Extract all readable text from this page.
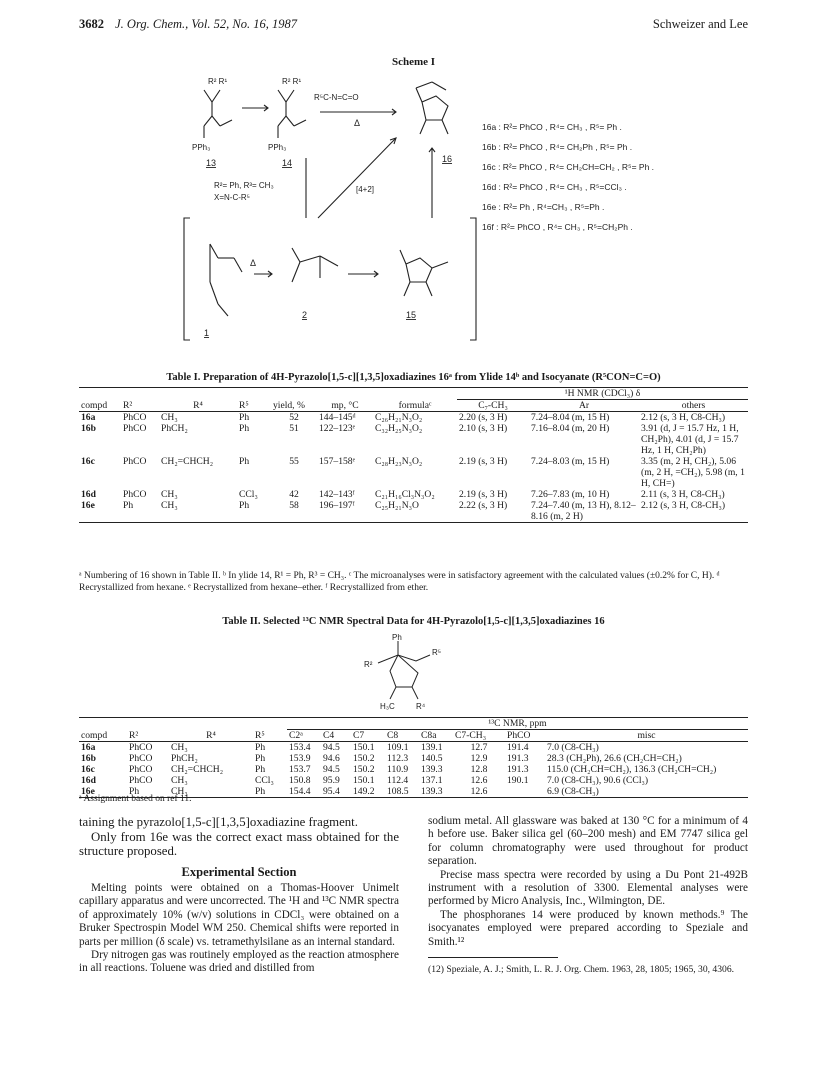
3682 J. Org. Chem., Vol. 52, No. 16, 1987	Schweizer and Lee
Scheme I
R² R¹	R² R¹
PPh₃	PPh₃
R⁵C-N=C=O
Δ
Δ
[4+2]
R²= Ph, R³= CH₃
X=N-C-R⁵
13	14	16
1
2	15
16a : R²= PhCO , R⁴= CH₃ , R⁵= Ph .
16b : R²= PhCO , R⁴= CH₂Ph , R⁵= Ph .
16c : R²= PhCO , R⁴= CH₂CH=CH₂ , R⁵= Ph .
16d : R²= PhCO , R⁴= CH₃ , R⁵=CCl₃ .
16e : R²= Ph , R⁴=CH₃ , R⁵=Ph .
16f : R²= PhCO , R⁴= CH₃ , R⁵=CH₂Ph .
Table I. Preparation of 4H-Pyrazolo[1,5-c][1,3,5]oxadiazines 16ᵃ from Ylide 14ᵇ and Isocyanate (R⁵CON=C=O)
							¹H NMR (CDCl₃) δ		
compd	R²	R⁴	R⁵	yield, %	mp, °C	formulaᶜ	C₇-CH₃	Ar	others
16a	PhCO	CH₃	Ph	52	144–145ᵈ	C₂₆H₂₁N₃O₂	2.20 (s, 3 H)	7.24–8.04 (m, 15 H)	2.12 (s, 3 H, C8-CH₃)
16b	PhCO	PhCH₂	Ph	51	122–123ᵉ	C₃₂H₂₅N₃O₂	2.10 (s, 3 H)	7.16–8.04 (m, 20 H)	3.91 (d, J = 15.7 Hz, 1 H, CH₂Ph), 4.01 (d, J = 15.7 Hz, 1 H, CH₂Ph)
16c	PhCO	CH₂=CHCH₂	Ph	55	157–158ᵉ	C₂₈H₂₃N₃O₂	2.19 (s, 3 H)	7.24–8.03 (m, 15 H)	3.35 (m, 2 H, CH₂), 5.06 (m, 2 H, =CH₂), 5.98 (m, 1 H, CH=)
16d	PhCO	CH₃	CCl₃	42	142–143ᶠ	C₂₁H₁₆Cl₃N₃O₂	2.19 (s, 3 H)	7.26–7.83 (m, 10 H)	2.11 (s, 3 H, C8-CH₃)
16e	Ph	CH₃	Ph	58	196–197ᶠ	C₂₅H₂₁N₃O	2.22 (s, 3 H)	7.24–7.40 (m, 13 H), 8.12–8.16 (m, 2 H)	2.12 (s, 3 H, C8-CH₃)
ᵃ Numbering of 16 shown in Table II. ᵇ In ylide 14, R¹ = Ph, R³ = CH₃. ᶜ The microanalyses were in satisfactory agreement with the calculated values (±0.2% for C, H). ᵈ Recrystallized from hexane. ᵉ Recrystallized from hexane–ether. ᶠ Recrystallized from ether.
Table II. Selected ¹³C NMR Spectral Data for 4H-Pyrazolo[1,5-c][1,3,5]oxadiazines 16
Ph
R²
R⁵
H₃C	R⁴
				¹³C NMR, ppm							
compd	R²	R⁴	R⁵	C2ᵃ	C4	C7	C8	C8a	C7-CH₃	PhCO	misc
16a	PhCO	CH₃	Ph	153.4	94.5	150.1	109.1	139.1	12.7	191.4	7.0 (C8-CH₃)
16b	PhCO	PhCH₂	Ph	153.9	94.6	150.2	112.3	140.5	12.9	191.3	28.3 (CH₂Ph), 26.6 (CH₂CH=CH₂)
16c	PhCO	CH₂=CHCH₂	Ph	153.7	94.5	150.2	110.9	139.3	12.8	191.3	115.0 (CH₂CH=CH₂), 136.3 (CH₂CH=CH₂)
16d	PhCO	CH₃	CCl₃	150.8	95.9	150.1	112.4	137.1	12.6	190.1	7.0 (C8-CH₃), 90.6 (CCl₃)
16e	Ph	CH₃	Ph	154.4	95.4	149.2	108.5	139.3	12.6		6.9 (C8-CH₃)
ᵃ Assignment based on ref 11.

taining the pyrazolo[1,5-c][1,3,5]oxadiazine fragment.

Only from 16e was the correct exact mass obtained for the structure proposed.

Experimental Section

Melting points were obtained on a Thomas-Hoover Unimelt capillary apparatus and were uncorrected. The ¹H and ¹³C NMR spectra of approximately 10% (w/v) solutions in CDCl₃ were obtained on a Bruker Spectrospin Model WM 250. Chemical shifts were reported in parts per million (δ scale) vs. tetramethylsilane as an internal standard.

Dry nitrogen gas was routinely employed as the reaction atmosphere in all reactions. Toluene was dried and distilled from

sodium metal. All glassware was baked at 130 °C for a minimum of 4 h before use. Baker silica gel (60–200 mesh) and EM 7747 silica gel for column chromatography were used throughout for product separation.

Precise mass spectra were recorded by using a Du Pont 21-492B instrument with a resolution of 3300. Elemental analyses were performed by Micro Analysis, Inc., Wilmington, DE.

The phosphoranes 14 were produced by known methods.⁹ The isocyanates employed were prepared according to Speziale and Smith.¹²

(12) Speziale, A. J.; Smith, L. R. J. Org. Chem. 1963, 28, 1805; 1965, 30, 4306.
